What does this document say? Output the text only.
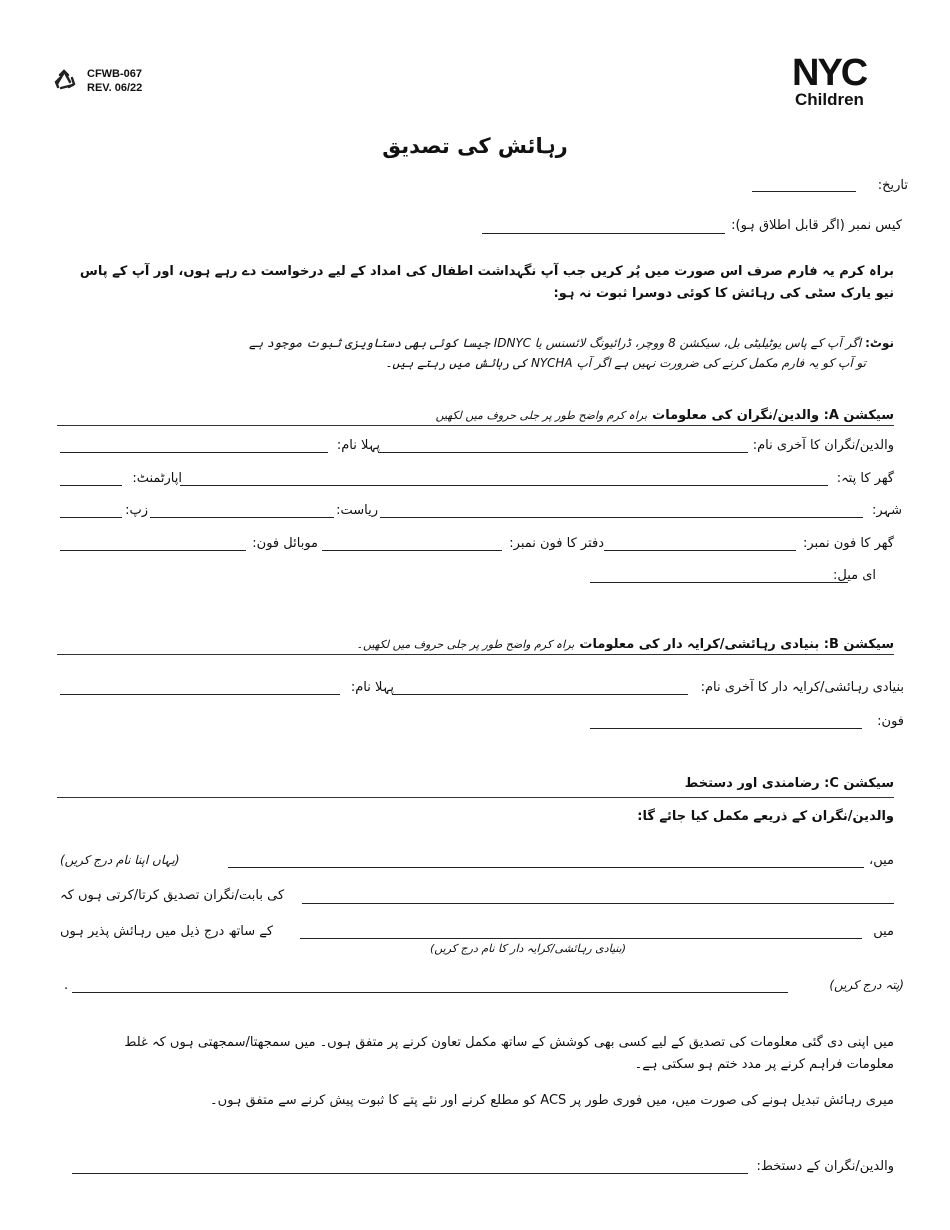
CFWB-067
REV. 06/22	NYC
Children
رہائش کی تصدیق
تاریخ:
کیس نمبر (اگر قابل اطلاق ہو):
براہ کرم یہ فارم صرف اس صورت میں پُر کریں جب آپ نگہداشت اطفال کی امداد کے لیے درخواست دے رہے ہوں، اور آپ کے پاس نیو یارک سٹی کی رہائش کا کوئی دوسرا ثبوت نہ ہو:
نوٹ: اگر آپ کے پاس یوٹیلیٹی بل، سیکشن 8 ووچر، ڈرائیونگ لائسنس یا IDNYC جیسا کوئی بھی دستاویزی ثبوت موجود ہے
تو آپ کو یہ فارم مکمل کرنے کی ضرورت نہیں ہے اگر آپ NYCHA کی رہائش میں رہتے ہیں۔
سیکشن A: والدین/نگران کی معلومات براہ کرم واضح طور پر جلی حروف میں لکھیں
والدین/نگران کا آخری نام:
پہلا نام:
گھر کا پتہ:
اپارٹمنٹ:
شہر:
ریاست:
زپ:
گھر کا فون نمبر:
دفتر کا فون نمبر:
موبائل فون:
ای میل:
سیکشن B: بنیادی رہائشی/کرایہ دار کی معلومات براہ کرم واضح طور پر جلی حروف میں لکھیں۔
بنیادی رہائشی/کرایہ دار کا آخری نام:
پہلا نام:
فون:
سیکشن C: رضامندی اور دستخط
والدین/نگران کے ذریعے مکمل کیا جائے گا:
میں،
(یہاں اپنا نام درج کریں)
کی بابت/نگران تصدیق کرتا/کرتی ہوں کہ
میں
کے ساتھ درج ذیل میں رہائش پذیر ہوں
(بنیادی رہائشی/کرایہ دار کا نام درج کریں)
(پتہ درج کریں)
.
میں اپنی دی گئی معلومات کی تصدیق کے لیے کسی بھی کوشش کے ساتھ مکمل تعاون کرنے پر متفق ہوں۔ میں سمجھتا/سمجھتی ہوں کہ غلط معلومات فراہم کرنے پر مدد ختم ہو سکتی ہے۔
میری رہائش تبدیل ہونے کی صورت میں، میں فوری طور پر ACS کو مطلع کرنے اور نئے پتے کا ثبوت پیش کرنے سے متفق ہوں۔
والدین/نگران کے دستخط:
